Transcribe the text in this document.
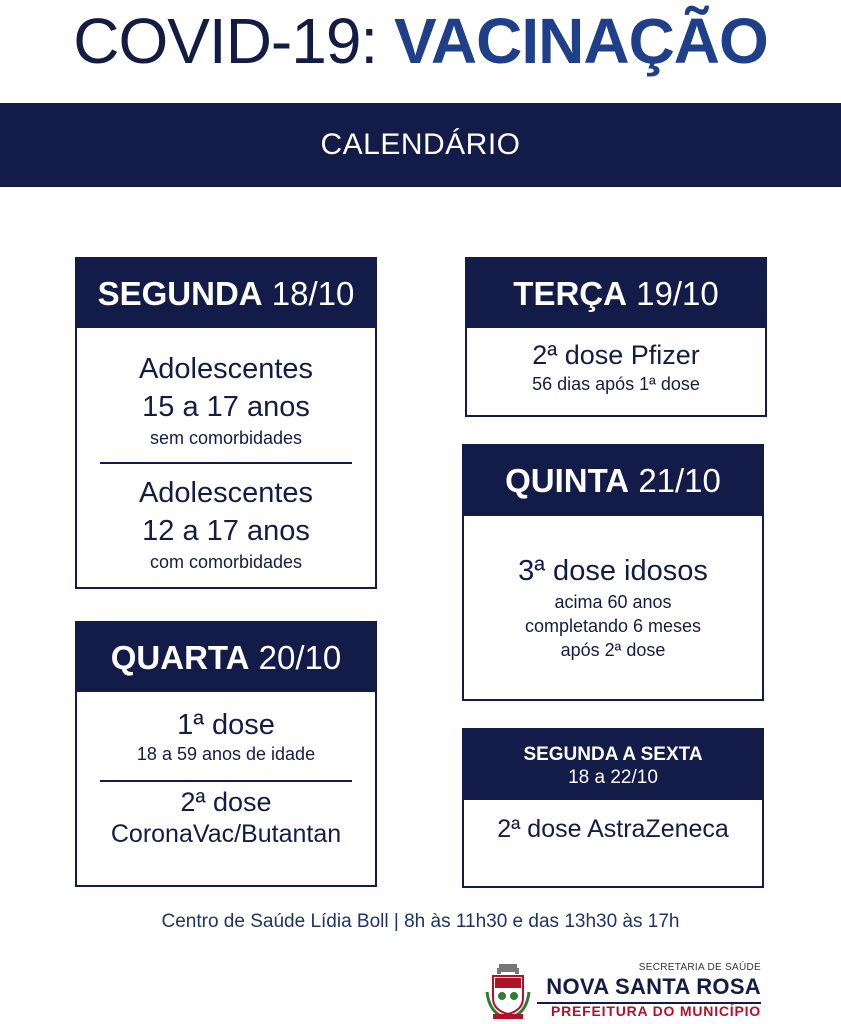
COVID-19: VACINAÇÃO
CALENDÁRIO
SEGUNDA 18/10
Adolescentes
15 a 17 anos
sem comorbidades
Adolescentes
12 a 17 anos
com comorbidades
TERÇA 19/10
2ª dose Pfizer
56 dias após 1ª dose
QUINTA 21/10
3ª dose idosos
acima 60 anos
completando 6 meses
após 2ª dose
QUARTA 20/10
1ª dose
18 a 59 anos de idade
2ª dose
CoronaVac/Butantan
SEGUNDA A SEXTA
18 a 22/10
2ª dose AstraZeneca
Centro de Saúde Lídia Boll | 8h às 11h30 e das 13h30 às 17h
SECRETARIA DE SAÚDE
NOVA SANTA ROSA
PREFEITURA DO MUNICÍPIO
